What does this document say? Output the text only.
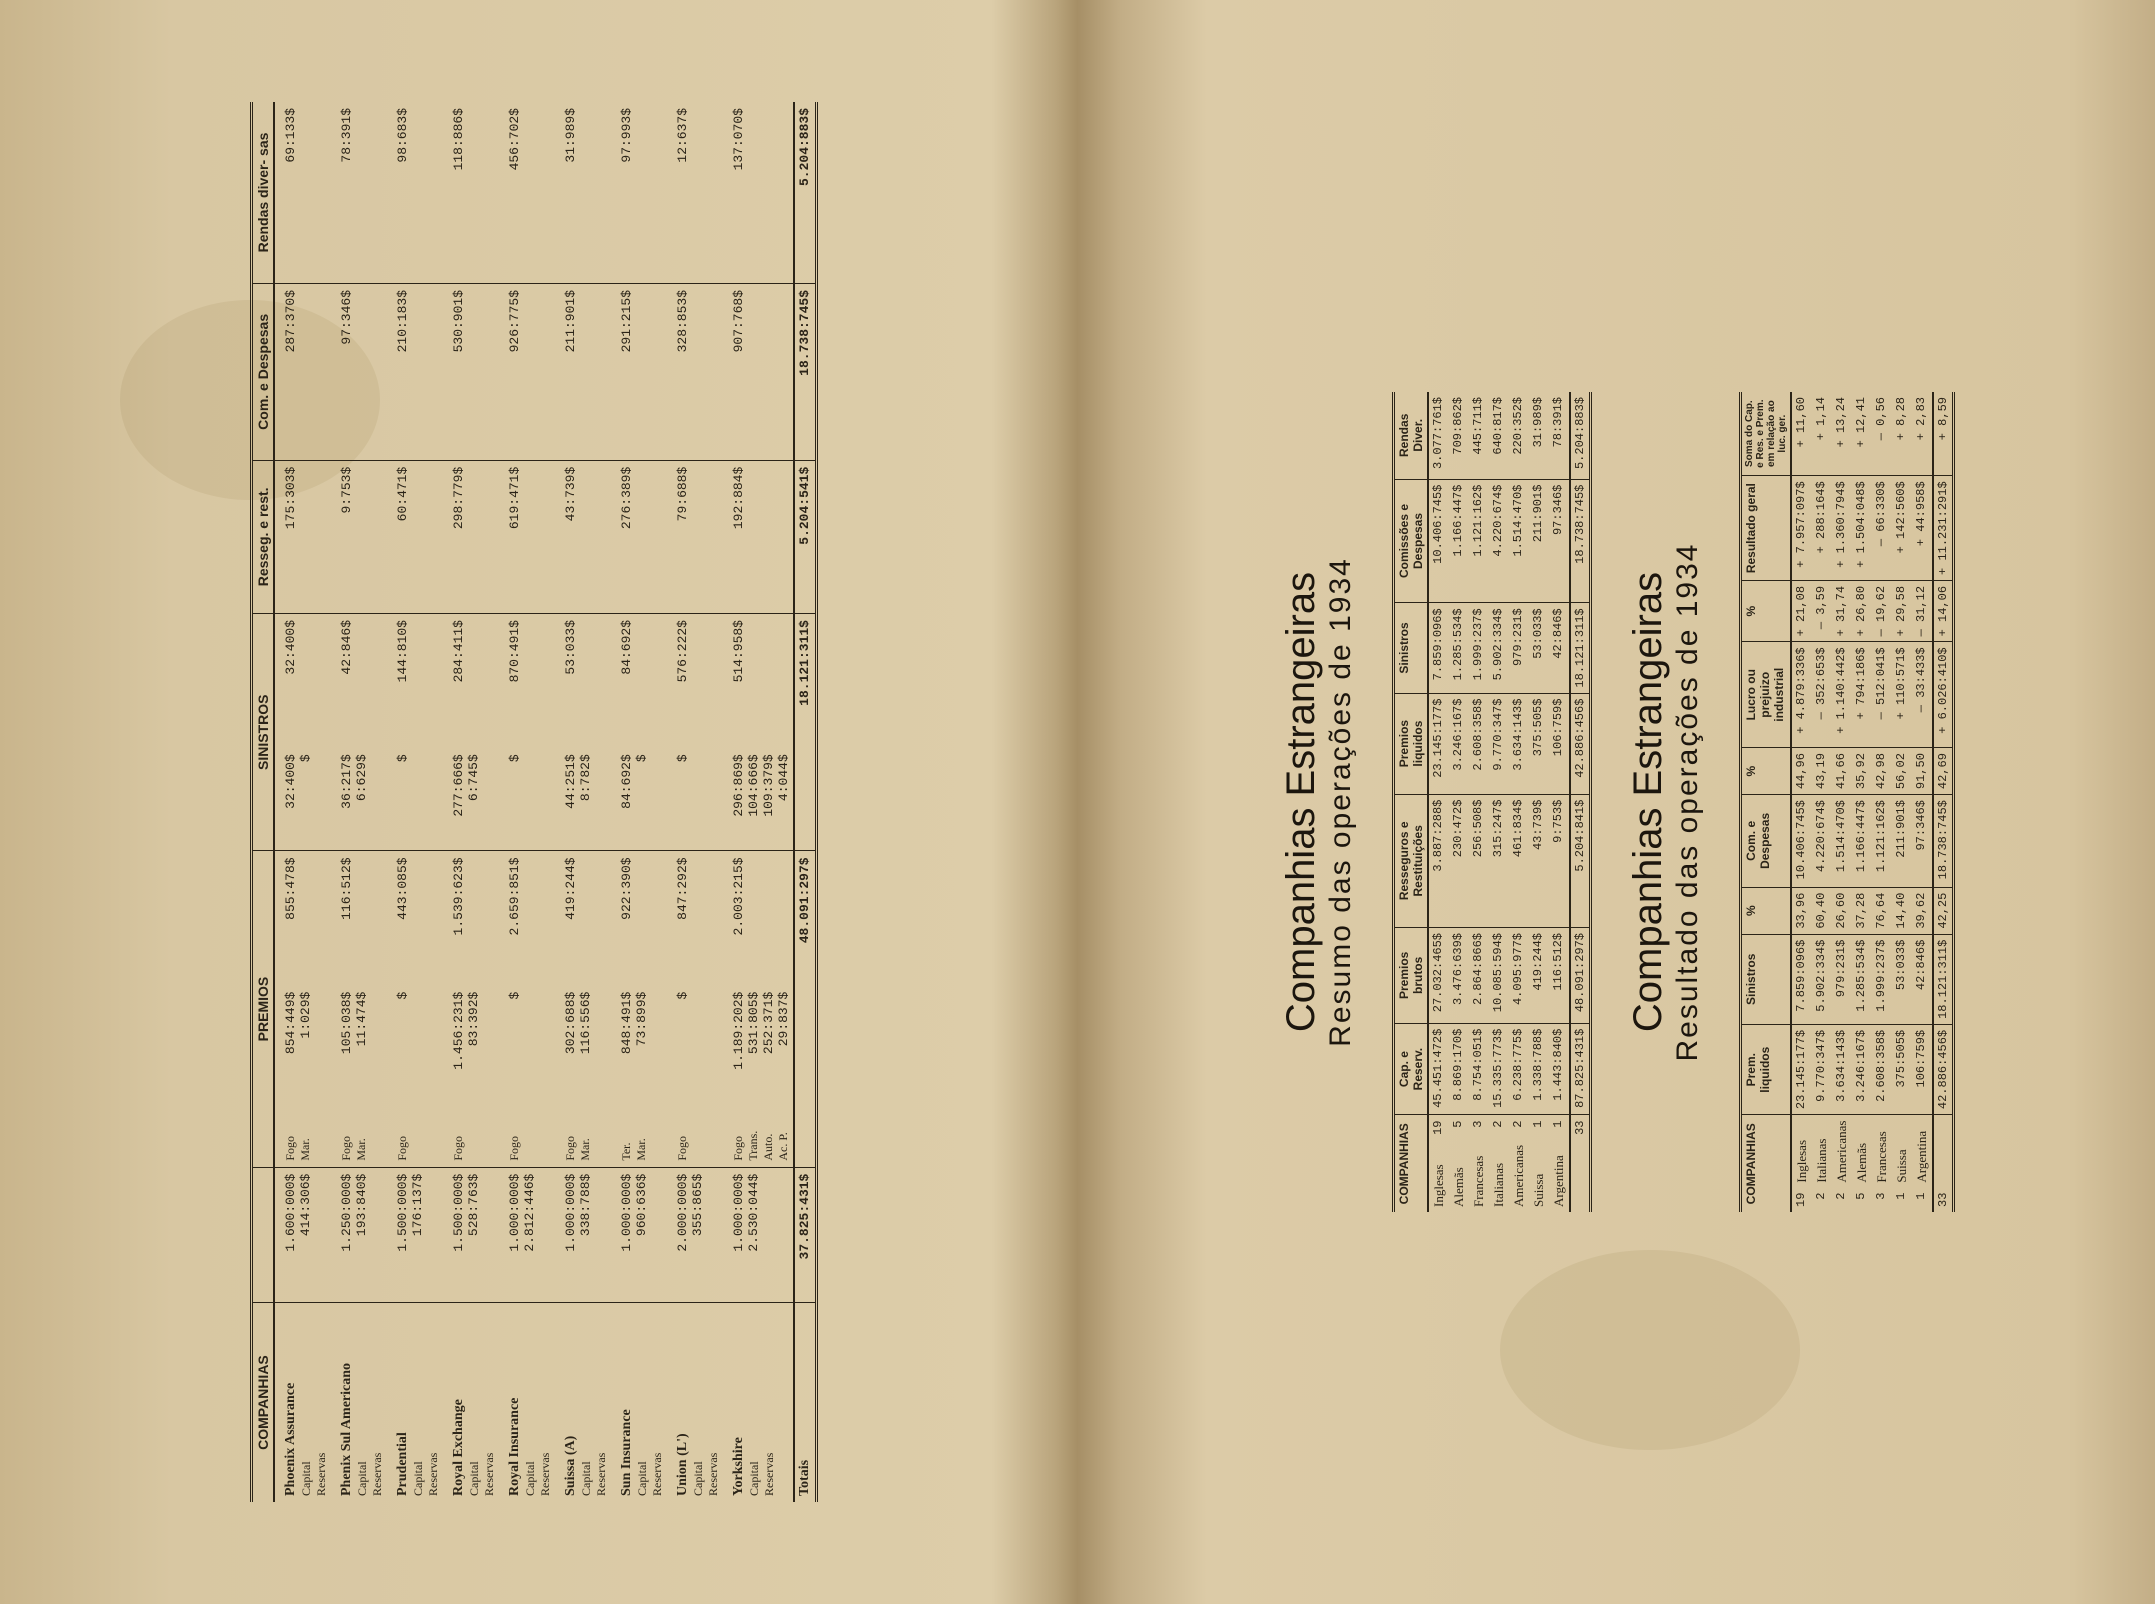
COMPANHIAS		PREMIOS			SINISTROS		Resseg. e rest.	Com. e Despesas	Rendas diver- sas

Phoenix Assurance Capital Reservas	1.600:000$ 414:306$	Fogo Mar.	854:449$ 1:029$	855:478$	32:400$ $	32:400$	175:303$	287:370$	69:133$

Phenix Sul Americano Capital Reservas	1.250:000$ 193:840$	Fogo Mar.	105:038$ 11:474$	116:512$	36:217$ 6:629$	42:846$	9:753$	97:346$	78:391$

Prudential Capital Reservas	1.500:000$ 176:137$	Fogo	$	443:085$	$	144:810$	60:471$	210:183$	98:683$

Royal Exchange Capital Reservas	1.500:000$ 528:763$	Fogo	1.456:231$ 83:392$	1.539:623$	277:666$ 6:745$	284:411$	298:779$	530:901$	118:886$

Royal Insurance Capital Reservas	1.000:000$ 2.812:446$	Fogo	$	2.659:851$	$	870:491$	619:471$	926:775$	456:702$

Suissa (A) Capital Reservas	1.000:000$ 338:788$	Fogo Mar.	302:688$ 116:556$	419:244$	44:251$ 8:782$	53:033$	43:739$	211:901$	31:989$

Sun Insurance Capital Reservas	1.000:000$ 960:636$	Ter. Mar.	848:491$ 73:899$	922:390$	84:692$ $	84:692$	276:389$	291:215$	97:993$

Union (L') Capital Reservas	2.000:000$ 355:865$	Fogo	$	847:292$	$	576:222$	79:688$	328:853$	12:637$

Yorkshire Capital Reservas	1.000:000$ 2.530:044$	Fogo Trans. Auto. Ac. P.	1.189:202$ 531:805$ 252:371$ 29:837$	2.003:215$	296:869$ 104:666$ 109:379$ 4:044$	514:958$	192:884$	907:768$	137:070$
Totais	37.825:431$			48.091:297$		18.121:311$	5.204:541$	18.738:745$	5.204:883$
Companhias Estrangeiras Resumo das operações de 1934
COMPANHIAS		Cap. e Reserv.	Premios brutos	Resseguros e Restituições	Premios liquidos	Sinistros	Comissões e Despesas	Rendas Diver.
Inglesas	19	45.451:472$	27.032:465$	3.887:288$	23.145:177$	7.859:096$	10.406:745$	3.077:761$
Alemãs	5	8.869:170$	3.476:639$	230:472$	3.246:167$	1.285:534$	1.166:447$	709:862$
Francesas	3	8.754:051$	2.864:866$	256:508$	2.608:358$	1.999:237$	1.121:162$	445:711$
Italianas	2	15.335:773$	10.085:594$	315:247$	9.770:347$	5.902:334$	4.220:674$	640:817$
Americanas	2	6.238:775$	4.095:977$	461:834$	3.634:143$	979:231$	1.514:470$	220:352$
Suissa	1	1.338:788$	419:244$	43:739$	375:505$	53:033$	211:901$	31:989$
Argentina	1	1.443:840$	116:512$	9:753$	106:759$	42:846$	97:346$	78:391$
	33	87.825:431$	48.091:297$	5.204:841$	42.886:456$	18.121:311$	18.738:745$	5.204:883$
Companhias Estrangeiras Resultado das operações de 1934
COMPANHIAS		Prem. liquidos	Sinistros	%	Com. e Despesas	%	Lucro ou prejuizo industrial	%	Resultado geral	Soma do Cap. e Res. e Prem. em relação ao luc. ger.
19	Inglesas	23.145:177$	7.859:096$	33,96	10.406:745$	44,96	+ 4.879:336$	+ 21,08	+ 7.957:097$	+ 11,60
2	Italianas	9.770:347$	5.902:334$	60,40	4.220:674$	43,19	— 352:653$	— 3,59	+ 288:164$	+ 1,14
2	Americanas	3.634:143$	979:231$	26,60	1.514:470$	41,66	+ 1.140:442$	+ 31,74	+ 1.360:794$	+ 13,24
5	Alemãs	3.246:167$	1.285:534$	37,28	1.166:447$	35,92	+ 794:186$	+ 26,80	+ 1.504:048$	+ 12,41
3	Francesas	2.608:358$	1.999:237$	76,64	1.121:162$	42,98	— 512:041$	— 19,62	— 66:330$	— 0,56
1	Suissa	375:505$	53:033$	14,40	211:901$	56,02	+ 110:571$	+ 29,58	+ 142:560$	+ 8,28
1	Argentina	106:759$	42:846$	39,62	97:346$	91,50	— 33:433$	— 31,12	+ 44:958$	+ 2,83
33		42.886:456$	18.121:311$	42,25	18.738:745$	42,69	+ 6.026:410$	+ 14,06	+ 11.231:291$	+ 8,59
